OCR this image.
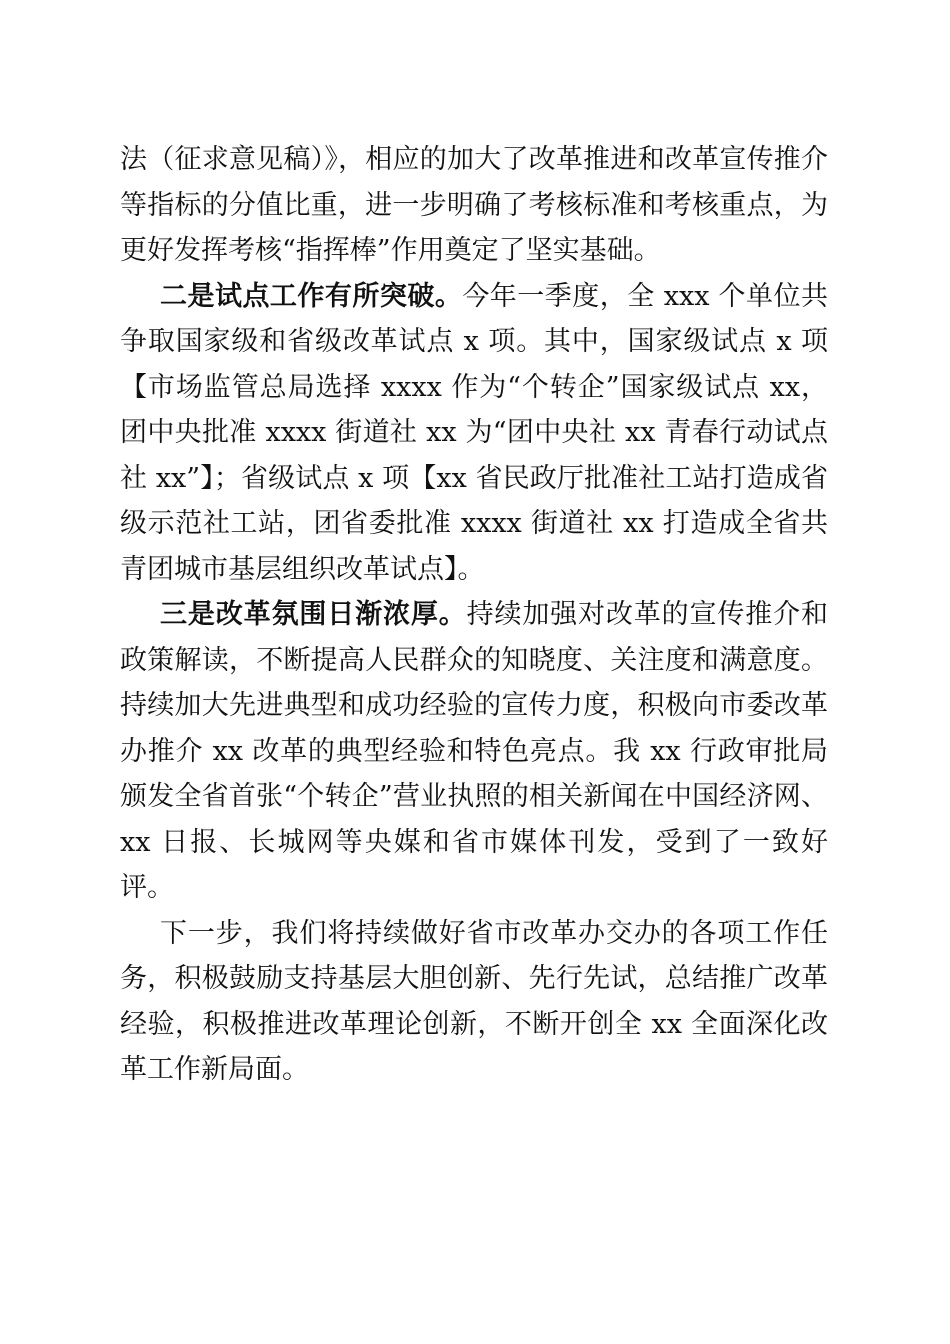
法（征求意见稿）》，相应的加大了改革推进和改革宣传推介等指标的分值比重，进一步明确了考核标准和考核重点，为更好发挥考核“指挥棒”作用奠定了坚实基础。

二是试点工作有所突破。今年一季度，全 xxx 个单位共争取国家级和省级改革试点 x 项。其中，国家级试点 x 项【市场监管总局选择 xxxx 作为“个转企”国家级试点 xx，团中央批准 xxxx 街道社 xx 为“团中央社 xx 青春行动试点社 xx”】；省级试点 x 项【xx 省民政厅批准社工站打造成省级示范社工站，团省委批准 xxxx 街道社 xx 打造成全省共青团城市基层组织改革试点】。

三是改革氛围日渐浓厚。持续加强对改革的宣传推介和政策解读，不断提高人民群众的知晓度、关注度和满意度。持续加大先进典型和成功经验的宣传力度，积极向市委改革办推介 xx 改革的典型经验和特色亮点。我 xx 行政审批局颁发全省首张“个转企”营业执照的相关新闻在中国经济网、xx 日报、长城网等央媒和省市媒体刊发，受到了一致好评。

下一步，我们将持续做好省市改革办交办的各项工作任务，积极鼓励支持基层大胆创新、先行先试，总结推广改革经验，积极推进改革理论创新，不断开创全 xx 全面深化改革工作新局面。
